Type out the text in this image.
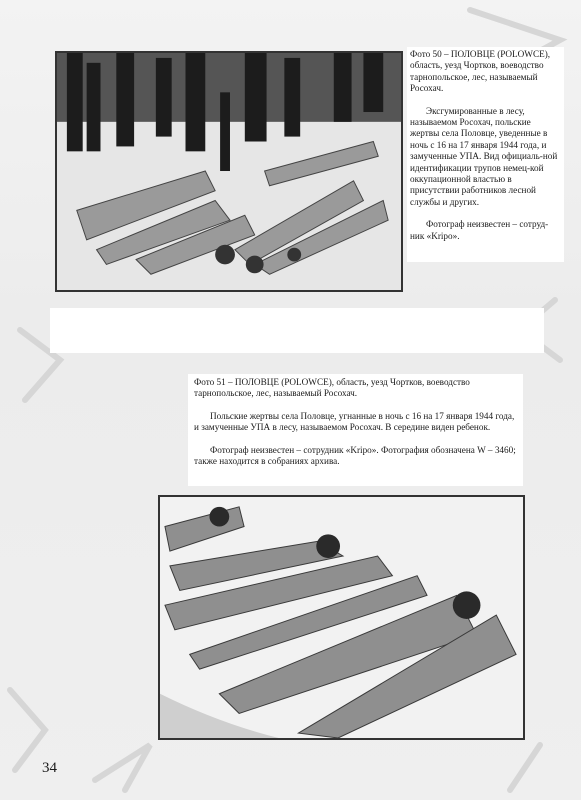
Фото 50 – ПОЛОВЦЕ (POLOWCE), область, уезд Чортков, воеводство тарнопольское, лес, называемый Росохач.

Эксгумированные в лесу, называемом Росохач, польские жертвы села Половце, уведенные в ночь с 16 на 17 января 1944 года, и замученные УПА. Вид официаль-ной идентификации трупов немец-кой оккупационной властью в присутствии работников лесной службы и других.

Фотограф неизвестен – сотруд-ник «Kripo».

Фото 51 – ПОЛОВЦЕ (POLOWCE), область, уезд Чортков, воеводство тарнопольское, лес, называемый Росохач.

Польские жертвы села Половце, угнанные в ночь с 16 на 17 января 1944 года, и замученные УПА в лесу, называемом Росохач. В середине виден ребенок.

Фотограф неизвестен – сотрудник «Kripo». Фотография обозначена W – 3460; также находится в собраниях архива.

34
